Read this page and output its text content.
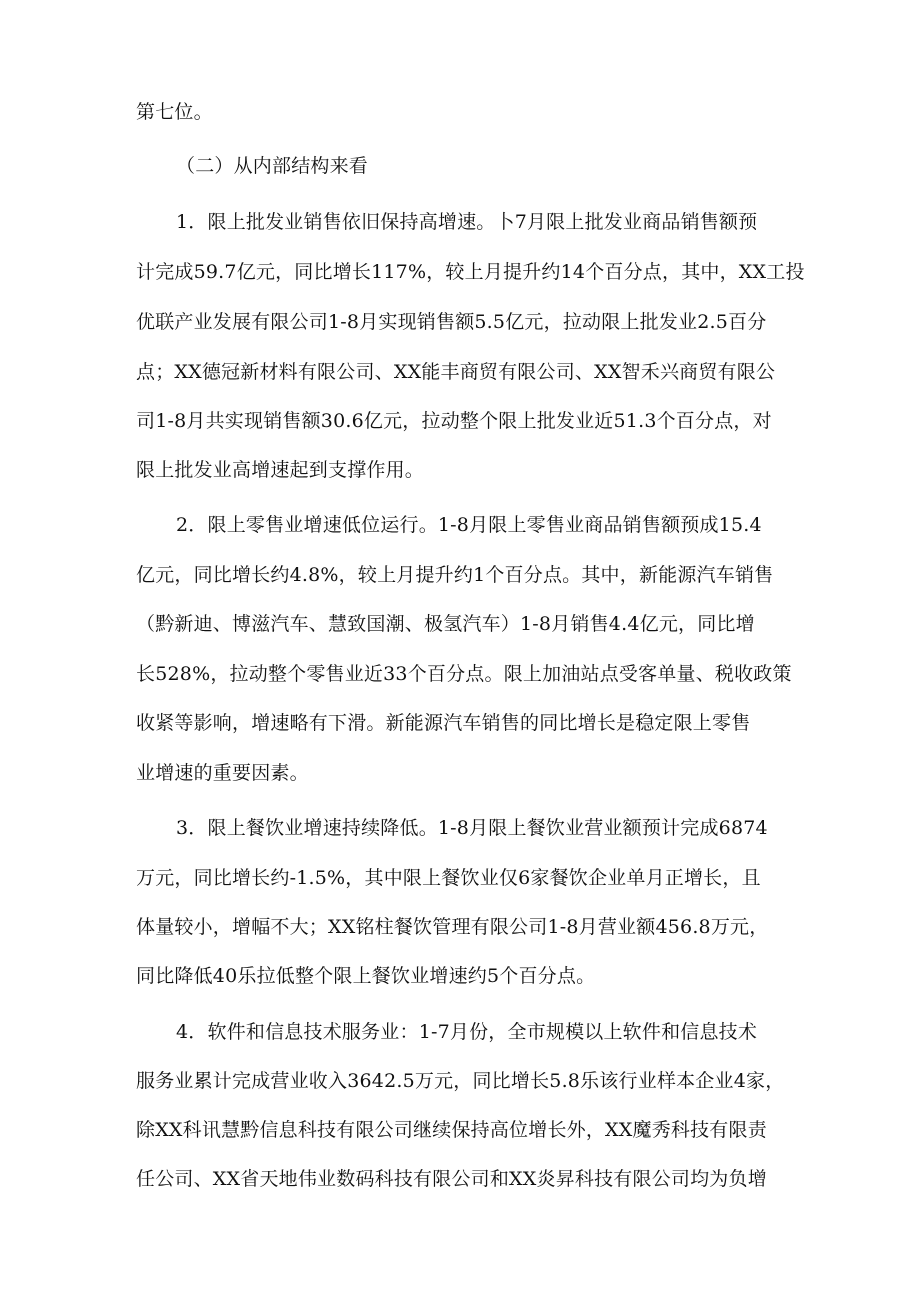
第七位。
（二）从内部结构来看
1．限上批发业销售依旧保持高增速。卜7月限上批发业商品销售额预
计完成59.7亿元，同比增长117%，较上月提升约14个百分点，其中，XX工投
优联产业发展有限公司1-8月实现销售额5.5亿元，拉动限上批发业2.5百分
点；XX德冠新材料有限公司、XX能丰商贸有限公司、XX智禾兴商贸有限公
司1-8月共实现销售额30.6亿元，拉动整个限上批发业近51.3个百分点，对
限上批发业高增速起到支撑作用。
2．限上零售业增速低位运行。1-8月限上零售业商品销售额预成15.4
亿元，同比增长约4.8%，较上月提升约1个百分点。其中，新能源汽车销售
（黔新迪、博滋汽车、慧致国潮、极氢汽车）1-8月销售4.4亿元，同比增
长528%，拉动整个零售业近33个百分点。限上加油站点受客单量、税收政策
收紧等影响，增速略有下滑。新能源汽车销售的同比增长是稳定限上零售
业增速的重要因素。
3．限上餐饮业增速持续降低。1-8月限上餐饮业营业额预计完成6874
万元，同比增长约-1.5%，其中限上餐饮业仅6家餐饮企业单月正增长，且
体量较小，增幅不大；XX铭柱餐饮管理有限公司1-8月营业额456.8万元，
同比降低40乐拉低整个限上餐饮业增速约5个百分点。
4．软件和信息技术服务业：1-7月份，全市规模以上软件和信息技术
服务业累计完成营业收入3642.5万元，同比增长5.8乐该行业样本企业4家，
除XX科讯慧黔信息科技有限公司继续保持高位增长外，XX魔秀科技有限责
任公司、XX省天地伟业数码科技有限公司和XX炎昇科技有限公司均为负增
